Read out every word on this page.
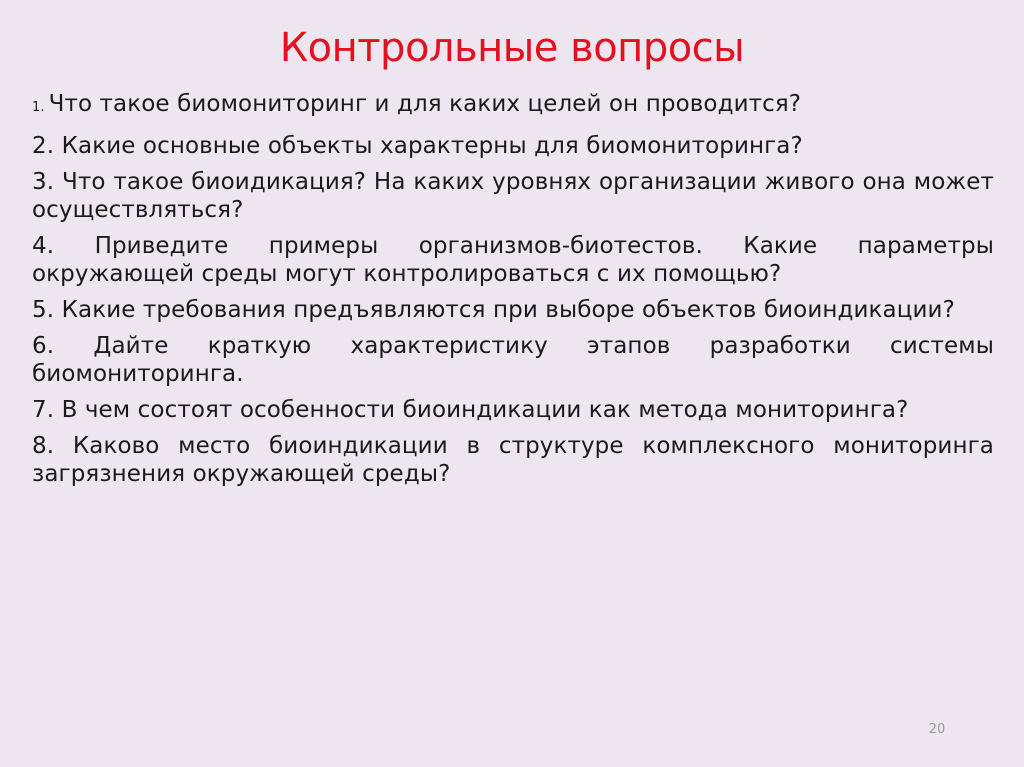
Контрольные вопросы
1. Что такое биомониторинг и для каких целей он проводится?
2. Какие основные объекты характерны для биомониторинга?
3. Что такое биоидикация? На каких уровнях организации живого она может осуществляться?
4. Приведите примеры организмов-биотестов. Какие параметры окружающей среды могут контролироваться с их помощью?
5. Какие требования предъявляются при выборе объектов биоиндикации?
6. Дайте краткую характеристику этапов разработки системы биомониторинга.
7. В чем состоят особенности биоиндикации как метода мониторинга?
8. Каково место биоиндикации в структуре комплексного мониторинга загрязнения окружающей среды?
20
